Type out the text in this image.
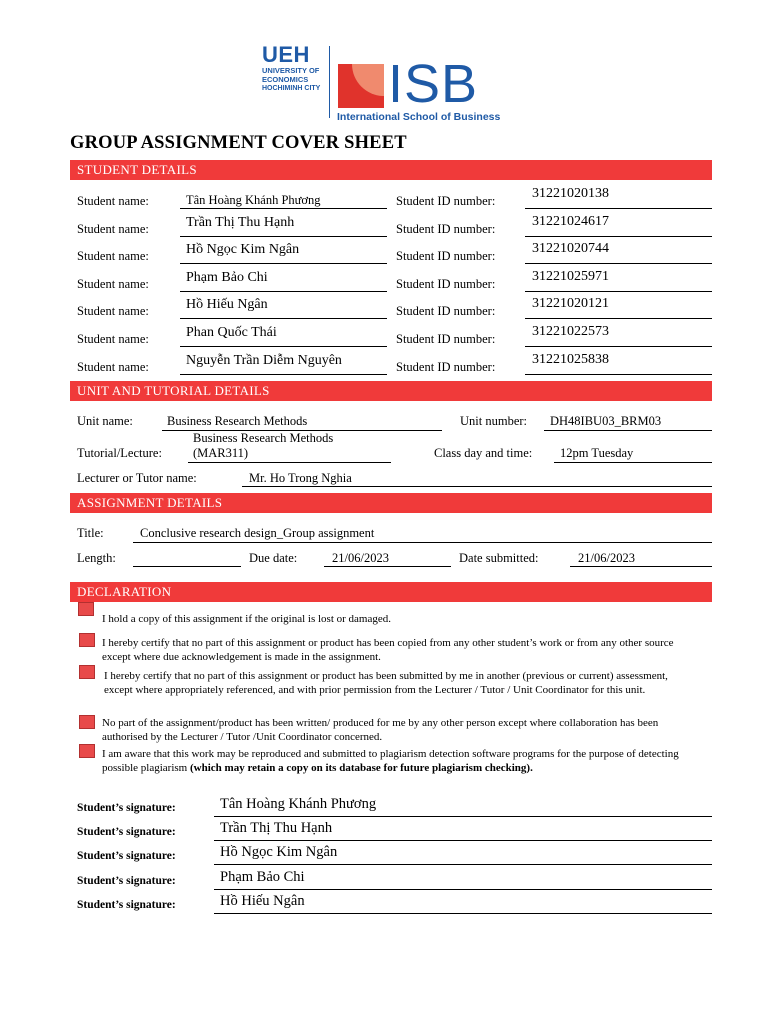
UEH
UNIVERSITY OF
ECONOMICS
HOCHIMINH CITY ISB
International School of Business
GROUP ASSIGNMENT COVER SHEET
STUDENT DETAILS
Student name:	Tân Hoàng Khánh Phương	Student ID number:	31221020138
Student name:	Trần Thị Thu Hạnh	Student ID number:	31221024617
Student name:	Hồ Ngọc Kim Ngân	Student ID number:	31221020744
Student name:	Phạm Bảo Chi	Student ID number:	31221025971
Student name:	Hồ Hiếu Ngân	Student ID number:	31221020121
Student name:	Phan Quốc Thái	Student ID number:	31221022573
Student name:	Nguyễn Trần Diễm Nguyên	Student ID number:	31221025838
UNIT AND TUTORIAL DETAILS
Unit name:	Business Research Methods	Unit number: DH48IBU03_BRM03
Tutorial/Lecture:
Business Research Methods
(MAR311)	Class day and time: 12pm Tuesday
Lecturer or Tutor name:	Mr. Ho Trong Nghia
ASSIGNMENT DETAILS
Title:	Conclusive research design_Group assignment
Length:	Due date:	21/06/2023	Date submitted:	21/06/2023
DECLARATION
I hold a copy of this assignment if the original is lost or damaged.
I hereby certify that no part of this assignment or product has been copied from any other student’s work or from any other source except where due acknowledgement is made in the assignment.
I hereby certify that no part of this assignment or product has been submitted by me in another (previous or current) assessment, except where appropriately referenced, and with prior permission from the Lecturer / Tutor / Unit Coordinator for this unit.
No part of the assignment/product has been written/ produced for me by any other person except where collaboration has been authorised by the Lecturer / Tutor /Unit Coordinator concerned.
I am aware that this work may be reproduced and submitted to plagiarism detection software programs for the purpose of detecting possible plagiarism (which may retain a copy on its database for future plagiarism checking).
Student’s signature:	Tân Hoàng Khánh Phương
Student’s signature:	Trần Thị Thu Hạnh
Student’s signature:	Hồ Ngọc Kim Ngân
Student’s signature:	Phạm Bảo Chi
Student’s signature:	Hồ Hiếu Ngân
